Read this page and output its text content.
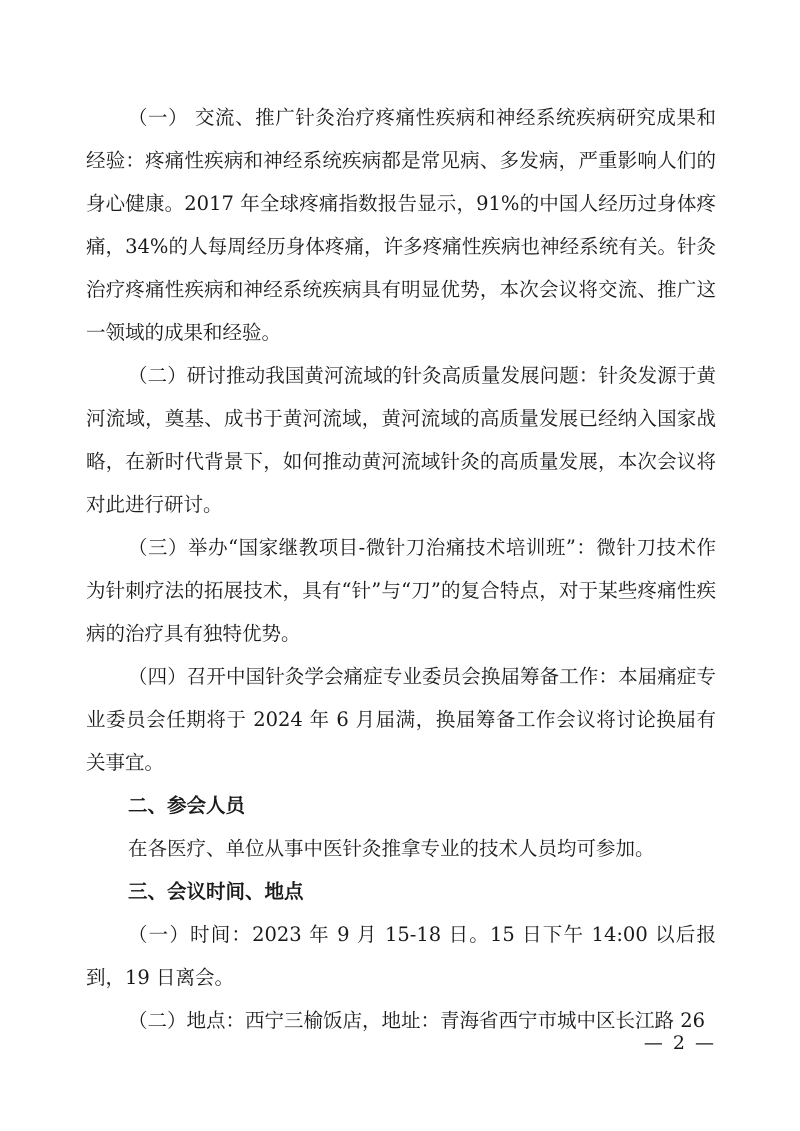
（一） 交流、推广针灸治疗疼痛性疾病和神经系统疾病研究成果和经验：疼痛性疾病和神经系统疾病都是常见病、多发病，严重影响人们的身心健康。2017 年全球疼痛指数报告显示，91%的中国人经历过身体疼痛，34%的人每周经历身体疼痛，许多疼痛性疾病也神经系统有关。针灸治疗疼痛性疾病和神经系统疾病具有明显优势，本次会议将交流、推广这一领域的成果和经验。

（二）研讨推动我国黄河流域的针灸高质量发展问题：针灸发源于黄河流域，奠基、成书于黄河流域，黄河流域的高质量发展已经纳入国家战略，在新时代背景下，如何推动黄河流域针灸的高质量发展，本次会议将对此进行研讨。

（三）举办“国家继教项目-微针刀治痛技术培训班”：微针刀技术作为针刺疗法的拓展技术，具有“针”与“刀”的复合特点，对于某些疼痛性疾病的治疗具有独特优势。

（四）召开中国针灸学会痛症专业委员会换届筹备工作：本届痛症专业委员会任期将于 2024 年 6 月届满，换届筹备工作会议将讨论换届有关事宜。

二、参会人员

在各医疗、单位从事中医针灸推拿专业的技术人员均可参加。

三、会议时间、地点

（一）时间：2023 年 9 月 15-18 日。15 日下午 14:00 以后报到，19 日离会。

（二）地点：西宁三榆饭店，地址：青海省西宁市城中区长江路 26

— 2 —
